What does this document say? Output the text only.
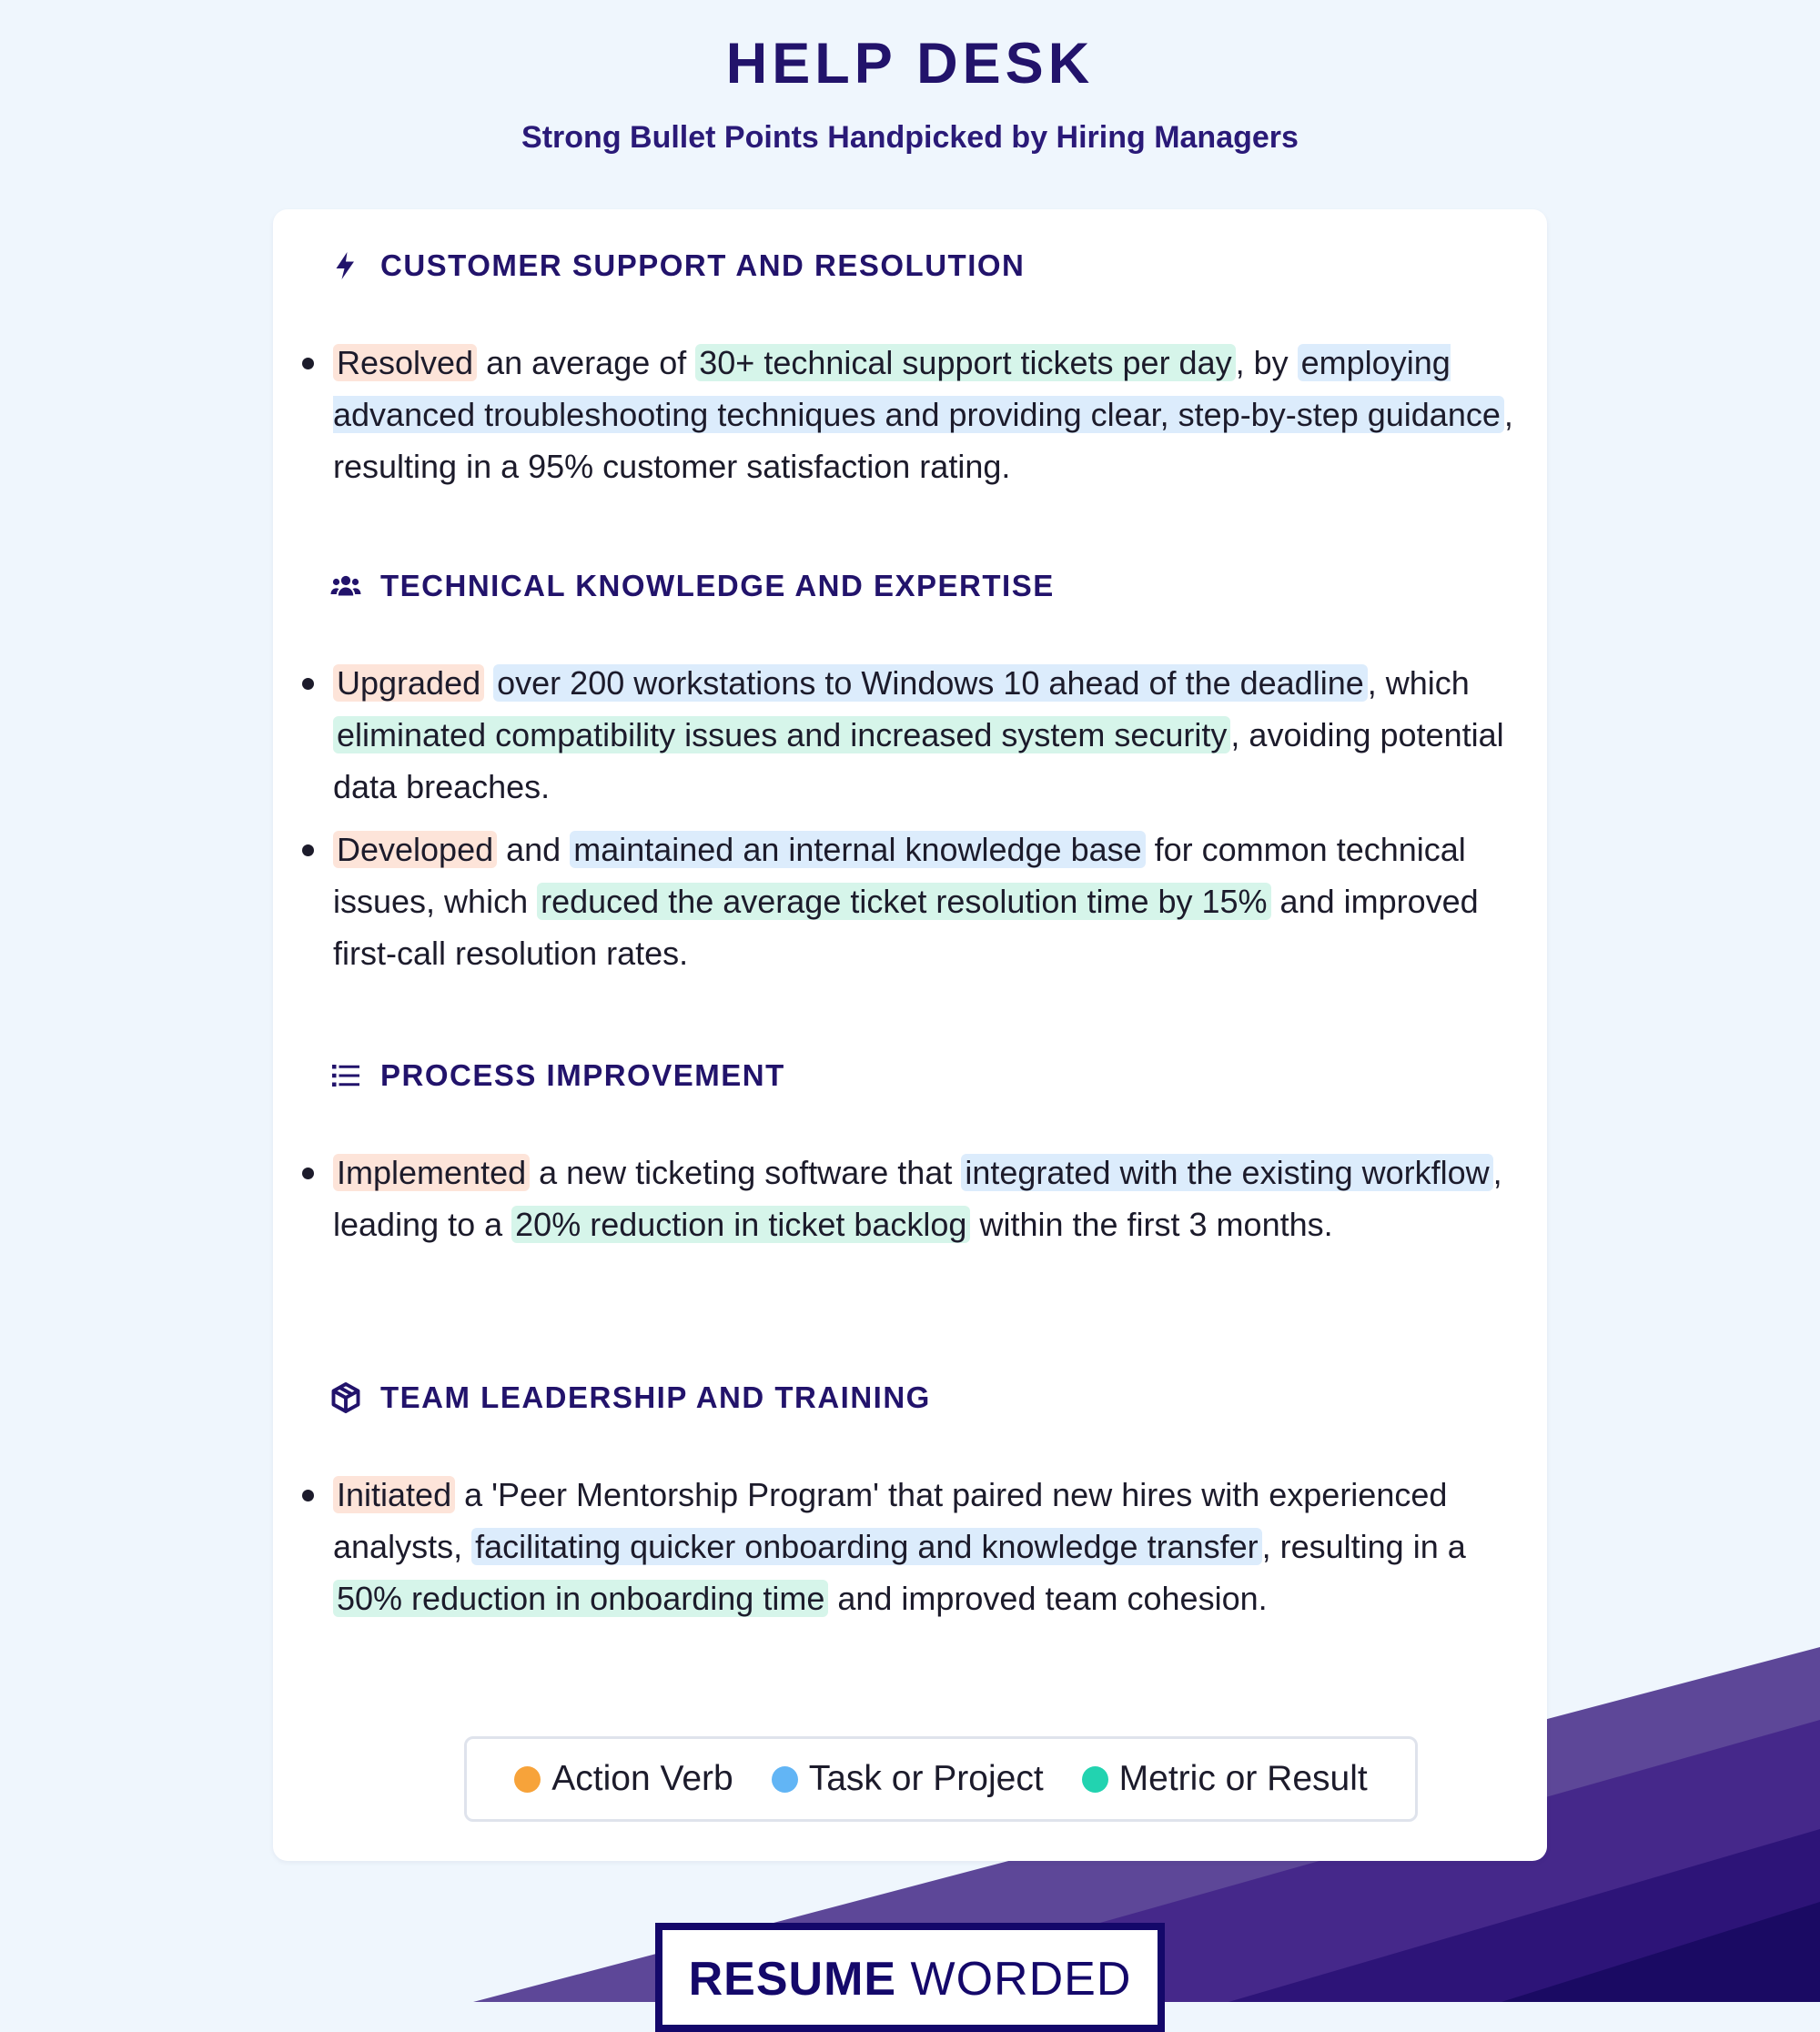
HELP DESK
Strong Bullet Points Handpicked by Hiring Managers
CUSTOMER SUPPORT AND RESOLUTION
Resolved an average of 30+ technical support tickets per day , by employing advanced troubleshooting techniques and providing clear, step-by-step guidance , resulting in a 95% customer satisfaction rating.
TECHNICAL KNOWLEDGE AND EXPERTISE
Upgraded over 200 workstations to Windows 10 ahead of the deadline , which eliminated compatibility issues and increased system security , avoiding potential data breaches.
Developed and maintained an internal knowledge base for common technical issues, which reduced the average ticket resolution time by 15% and improved first-call resolution rates.
PROCESS IMPROVEMENT
Implemented a new ticketing software that integrated with the existing workflow , leading to a 20% reduction in ticket backlog within the first 3 months.
TEAM LEADERSHIP AND TRAINING
Initiated a 'Peer Mentorship Program' that paired new hires with experienced analysts, facilitating quicker onboarding and knowledge transfer , resulting in a 50% reduction in onboarding time and improved team cohesion.
Action Verb Task or Project Metric or Result
RESUME WORDED
